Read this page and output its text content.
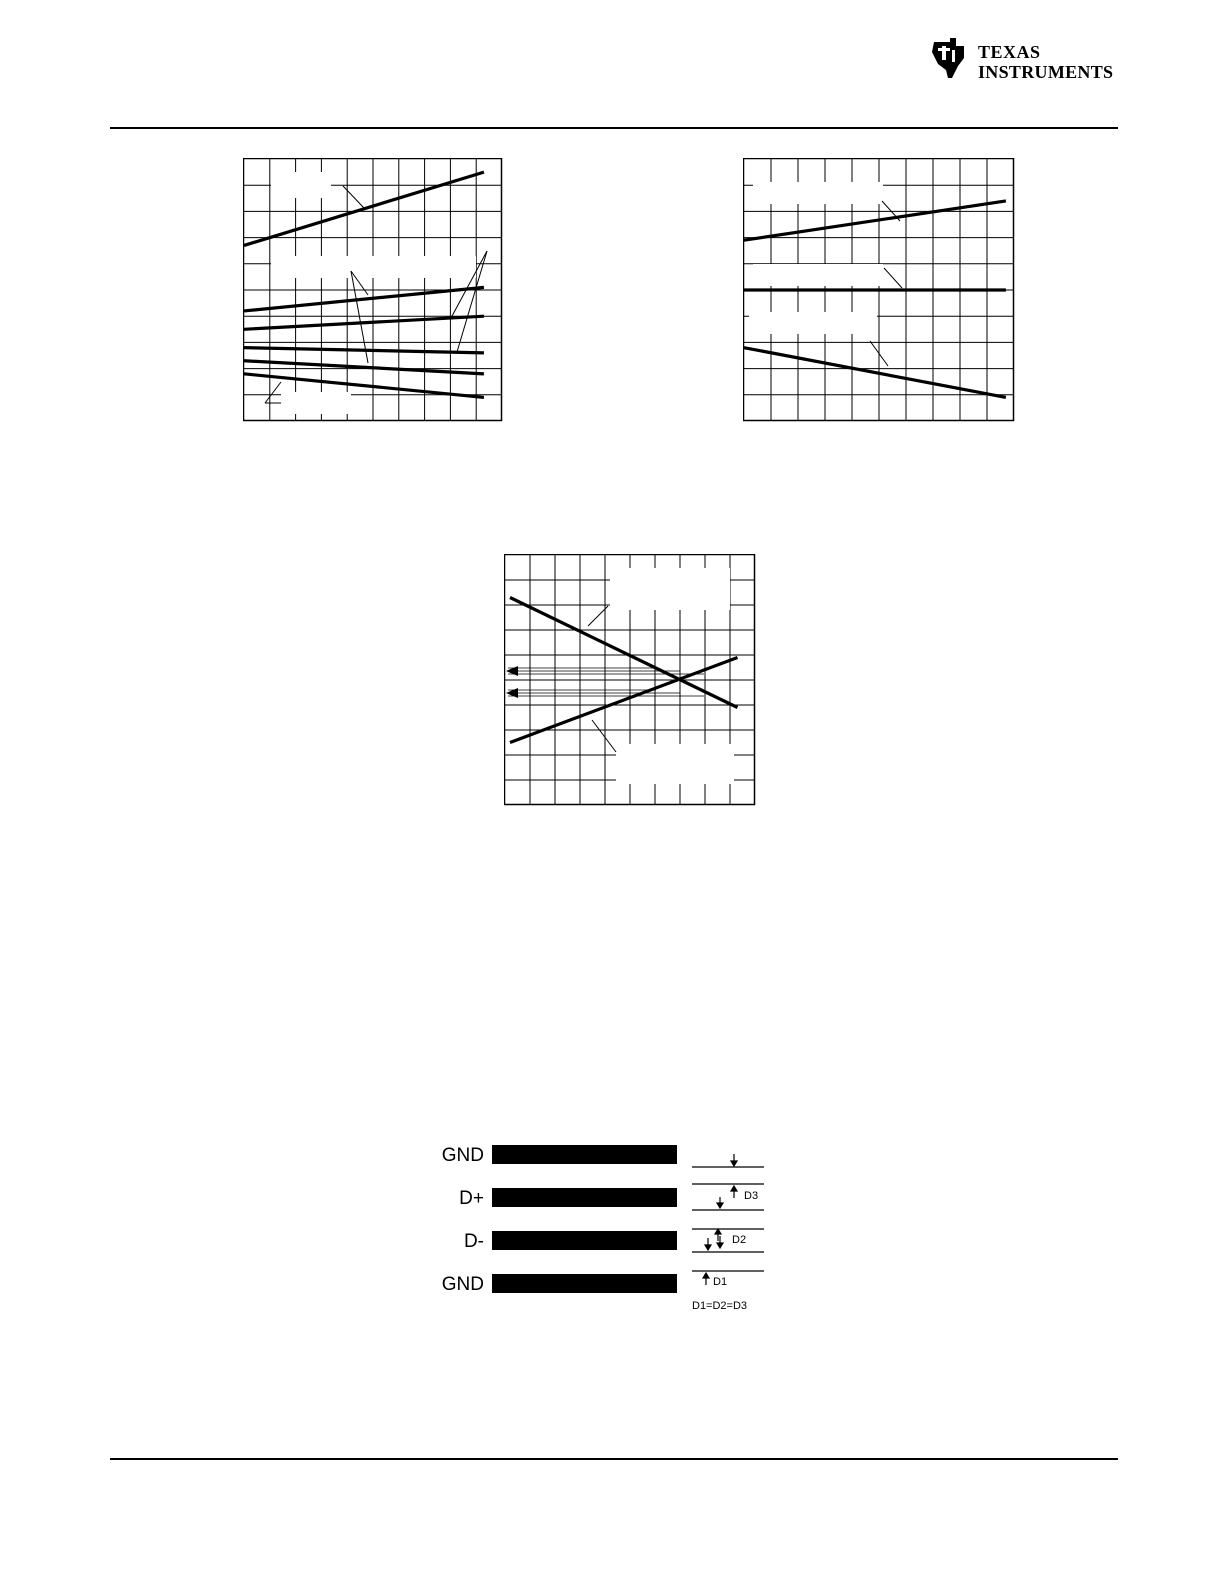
TEXAS
INSTRUMENTS
GND
D+
D-
GND
D3
D2
D1
D1=D2=D3
